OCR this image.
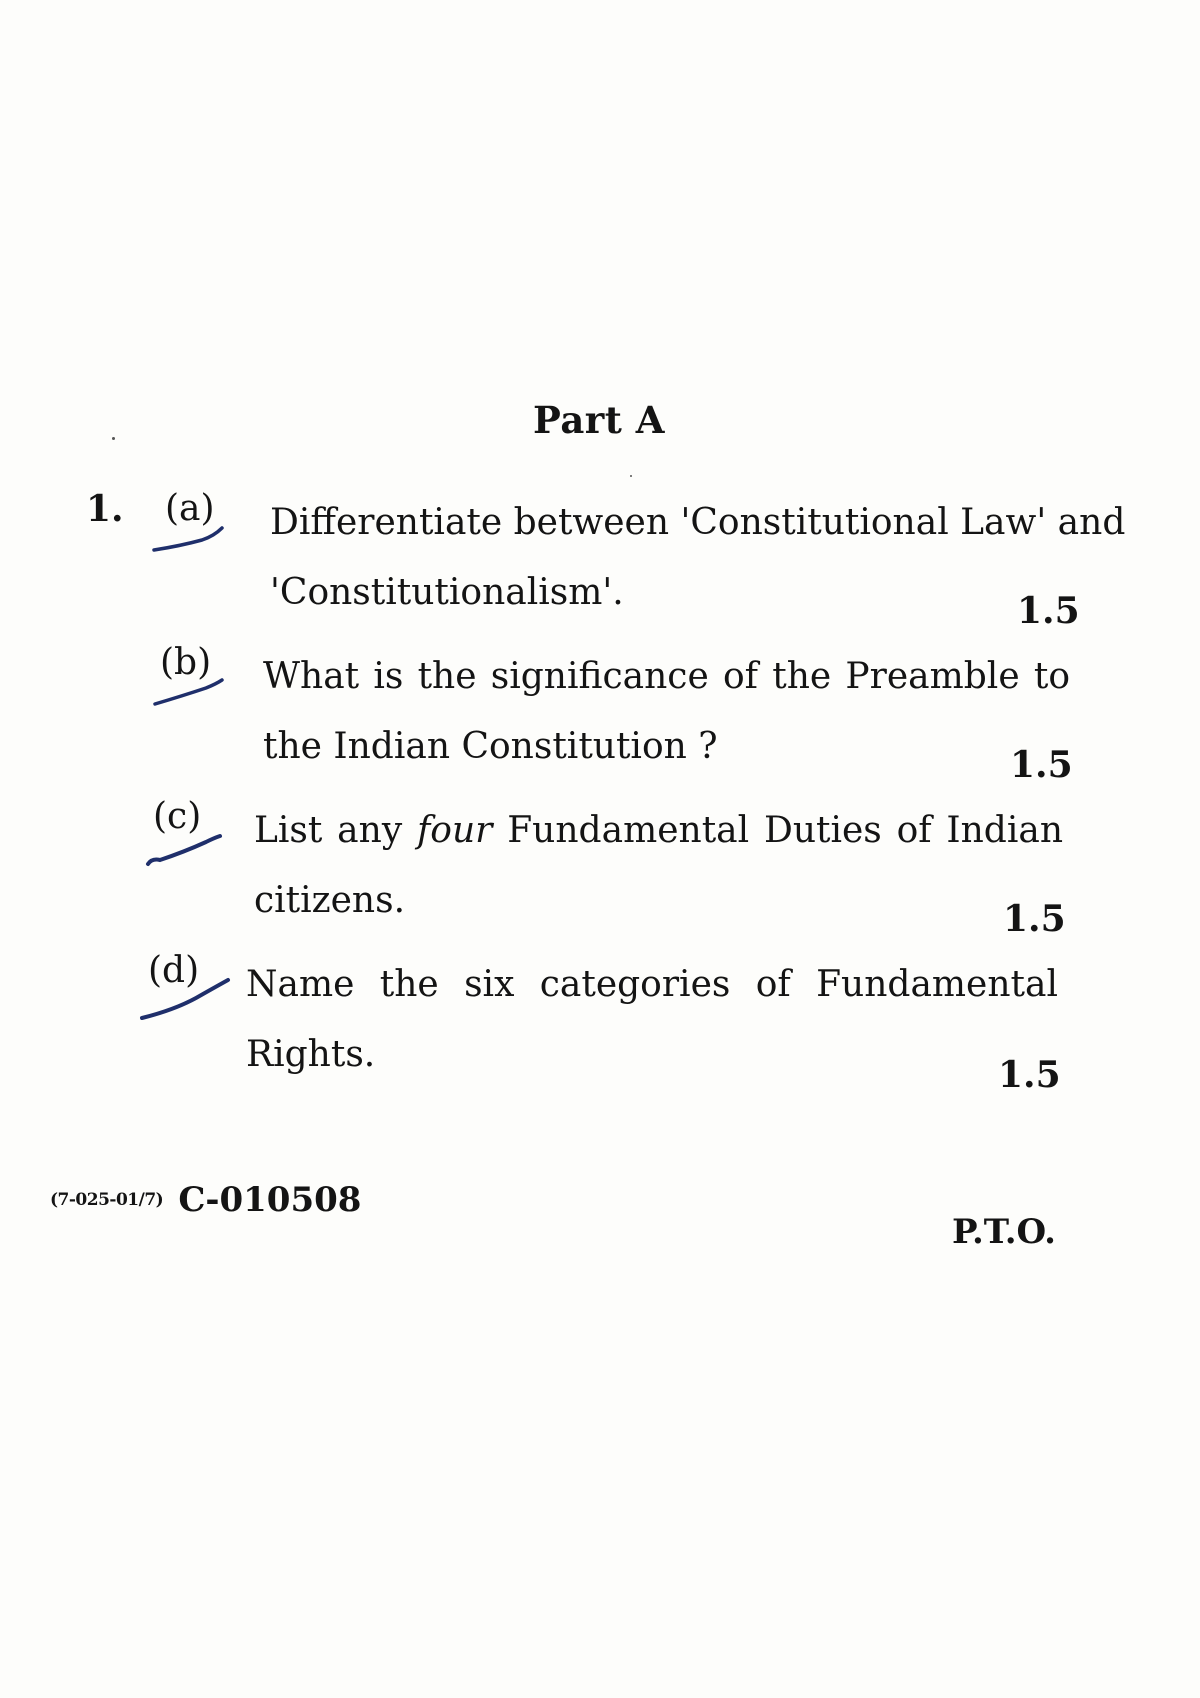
Part A
1. (a) Differentiate between 'Constitutional Law' and
'Constitutionalism'.	1.5
(b) What is the significance of the Preamble to
the Indian Constitution ?	1.5
(c) List any four Fundamental Duties of Indian
citizens.	1.5
(d) Name the six categories of Fundamental
Rights.	1.5
(7-025-01/7) C-010508
P.T.O.
